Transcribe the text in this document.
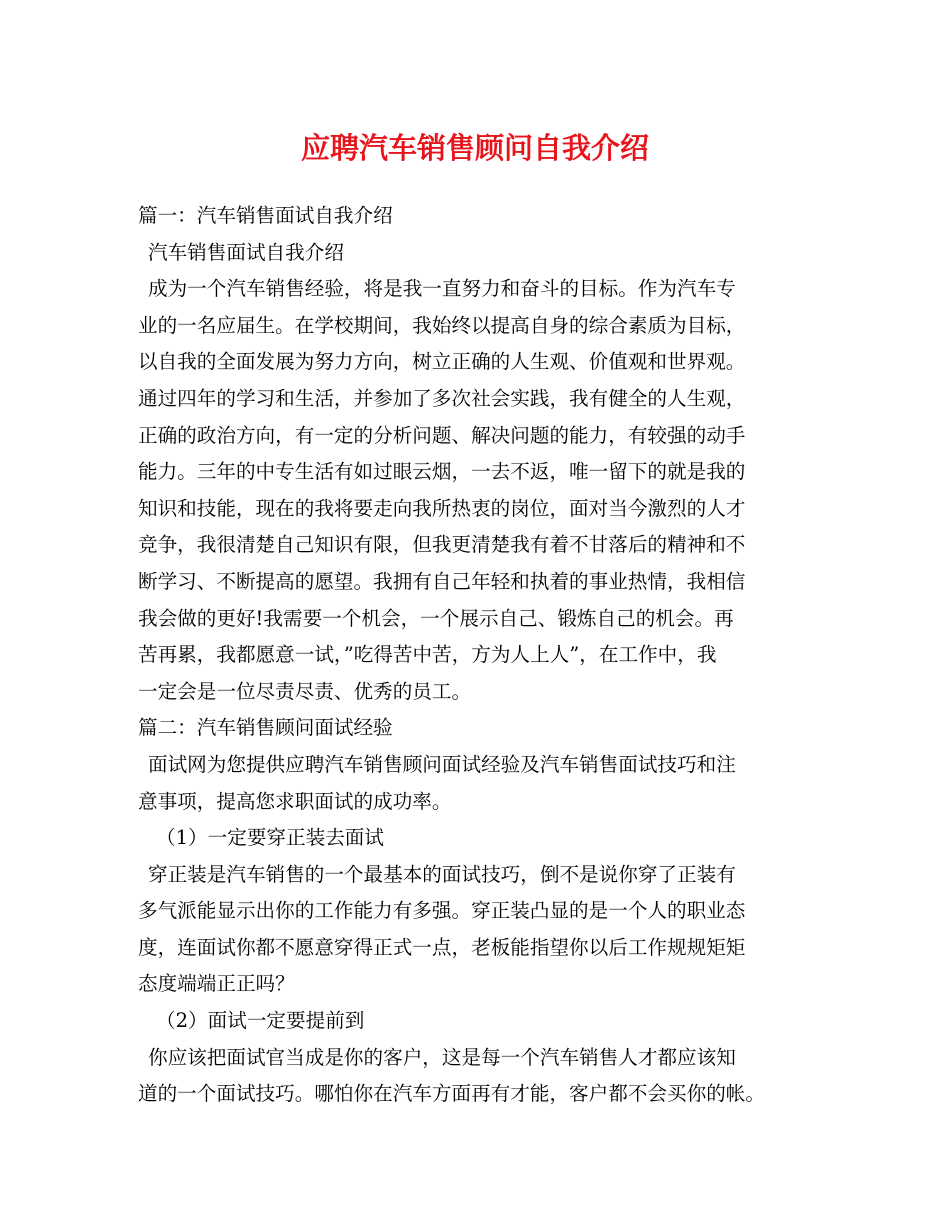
应聘汽车销售顾问自我介绍
篇一：汽车销售面试自我介绍
汽车销售面试自我介绍
成为一个汽车销售经验，将是我一直努力和奋斗的目标。作为汽车专
业的一名应届生。在学校期间，我始终以提高自身的综合素质为目标，
以自我的全面发展为努力方向，树立正确的人生观、价值观和世界观。
通过四年的学习和生活，并参加了多次社会实践，我有健全的人生观，
正确的政治方向，有一定的分析问题、解决问题的能力，有较强的动手
能力。三年的中专生活有如过眼云烟，一去不返，唯一留下的就是我的
知识和技能，现在的我将要走向我所热衷的岗位，面对当今激烈的人才
竞争，我很清楚自己知识有限，但我更清楚我有着不甘落后的精神和不
断学习、不断提高的愿望。我拥有自己年轻和执着的事业热情，我相信
我会做的更好!我需要一个机会，一个展示自己、锻炼自己的机会。再
苦再累，我都愿意一试，”吃得苦中苦，方为人上人”，在工作中，我
一定会是一位尽责尽责、优秀的员工。
篇二：汽车销售顾问面试经验
面试网为您提供应聘汽车销售顾问面试经验及汽车销售面试技巧和注
意事项，提高您求职面试的成功率。
（1）一定要穿正装去面试
穿正装是汽车销售的一个最基本的面试技巧，倒不是说你穿了正装有
多气派能显示出你的工作能力有多强。穿正装凸显的是一个人的职业态
度，连面试你都不愿意穿得正式一点，老板能指望你以后工作规规矩矩
态度端端正正吗？
（2）面试一定要提前到
你应该把面试官当成是你的客户，这是每一个汽车销售人才都应该知
道的一个面试技巧。哪怕你在汽车方面再有才能，客户都不会买你的帐。
